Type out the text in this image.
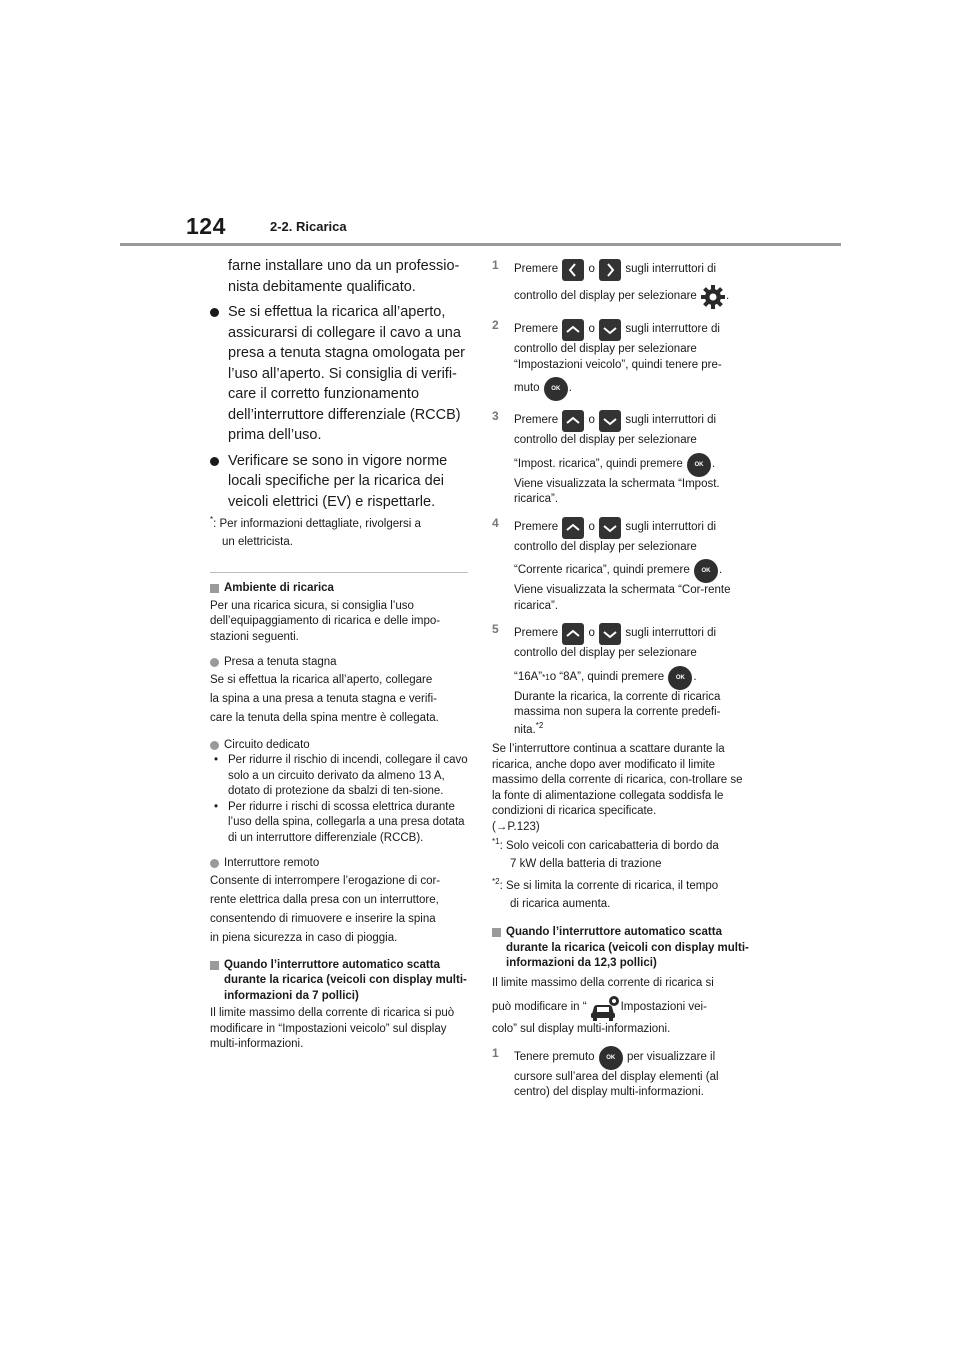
124	2-2. Ricarica

farne installare uno da un professio-

nista debitamente qualificato.

Se si effettua la ricarica all’aperto,

assicurarsi di collegare il cavo a una

presa a tenuta stagna omologata per

l’uso all’aperto. Si consiglia di verifi-

care il corretto funzionamento

dell’interruttore differenziale (RCCB)

prima dell’uso.

Verificare se sono in vigore norme

locali specifiche per la ricarica dei

veicoli elettrici (EV) e rispettarle.

*: Per informazioni dettagliate, rivolgersi a

un elettricista.

Ambiente di ricarica

Per una ricarica sicura, si consiglia l’uso dell’equipaggiamento di ricarica e delle impo-stazioni seguenti.

Presa a tenuta stagna

Se si effettua la ricarica all’aperto, collegare

la spina a una presa a tenuta stagna e verifi-

care la tenuta della spina mentre è collegata.

Circuito dedicato
• Per ridurre il rischio di incendi, collegare il cavo solo a un circuito derivato da almeno 13 A, dotato di protezione da sbalzi di ten-sione.
• Per ridurre i rischi di scossa elettrica durante l’uso della spina, collegarla a una presa dotata di un interruttore differenziale (RCCB).
Interruttore remoto

Consente di interrompere l’erogazione di cor-

rente elettrica dalla presa con un interruttore,

consentendo di rimuovere e inserire la spina

in piena sicurezza in caso di pioggia.

Quando l’interruttore automatico scatta durante la ricarica (veicoli con display multi-informazioni da 7 pollici)

Il limite massimo della corrente di ricarica si può modificare in “Impostazioni veicolo” sul display multi-informazioni.

1 Premere

	o

	sugli interruttori di
controllo del display per selezionare
	.
2 Premere

	o

	sugli interruttore di

controllo del display per selezionare

“Impostazioni veicolo”, quindi tenere pre-

muto
	OK .
3 Premere

	o

	sugli interruttori di

controllo del display per selezionare

“Impost. ricarica”, quindi premere
	OK .

Viene visualizzata la schermata “Impost. ricarica”.

4 Premere

	o

	sugli interruttori di

controllo del display per selezionare

“Corrente ricarica”, quindi premere
	OK .

Viene visualizzata la schermata “Cor-rente ricarica”.

5 Premere

	o

	sugli interruttori di

controllo del display per selezionare

“16A” *1 o “8A”, quindi premere
	OK .

Durante la ricarica, la corrente di ricarica massima non supera la corrente predefi-

nita.$^{*2}$

Se l’interruttore continua a scattare durante la ricarica, anche dopo aver modificato il limite massimo della corrente di ricarica, con-trollare se la fonte di alimentazione collegata soddisfa le condizioni di ricarica specificate.

(→P.123)

$^{*1}$: Solo veicoli con caricabatteria di bordo da

7 kW della batteria di trazione

$^{*2}$: Se si limita la corrente di ricarica, il tempo

di ricarica aumenta.

Quando l’interruttore automatico scatta durante la ricarica (veicoli con display multi-informazioni da 12,3 pollici)

Il limite massimo della corrente di ricarica si

può modificare in “	Impostazioni vei-

colo” sul display multi-informazioni.

1 Tenere premuto
	OK
	per visualizzare il

cursore sull’area del display elementi (al centro) del display multi-informazioni.
